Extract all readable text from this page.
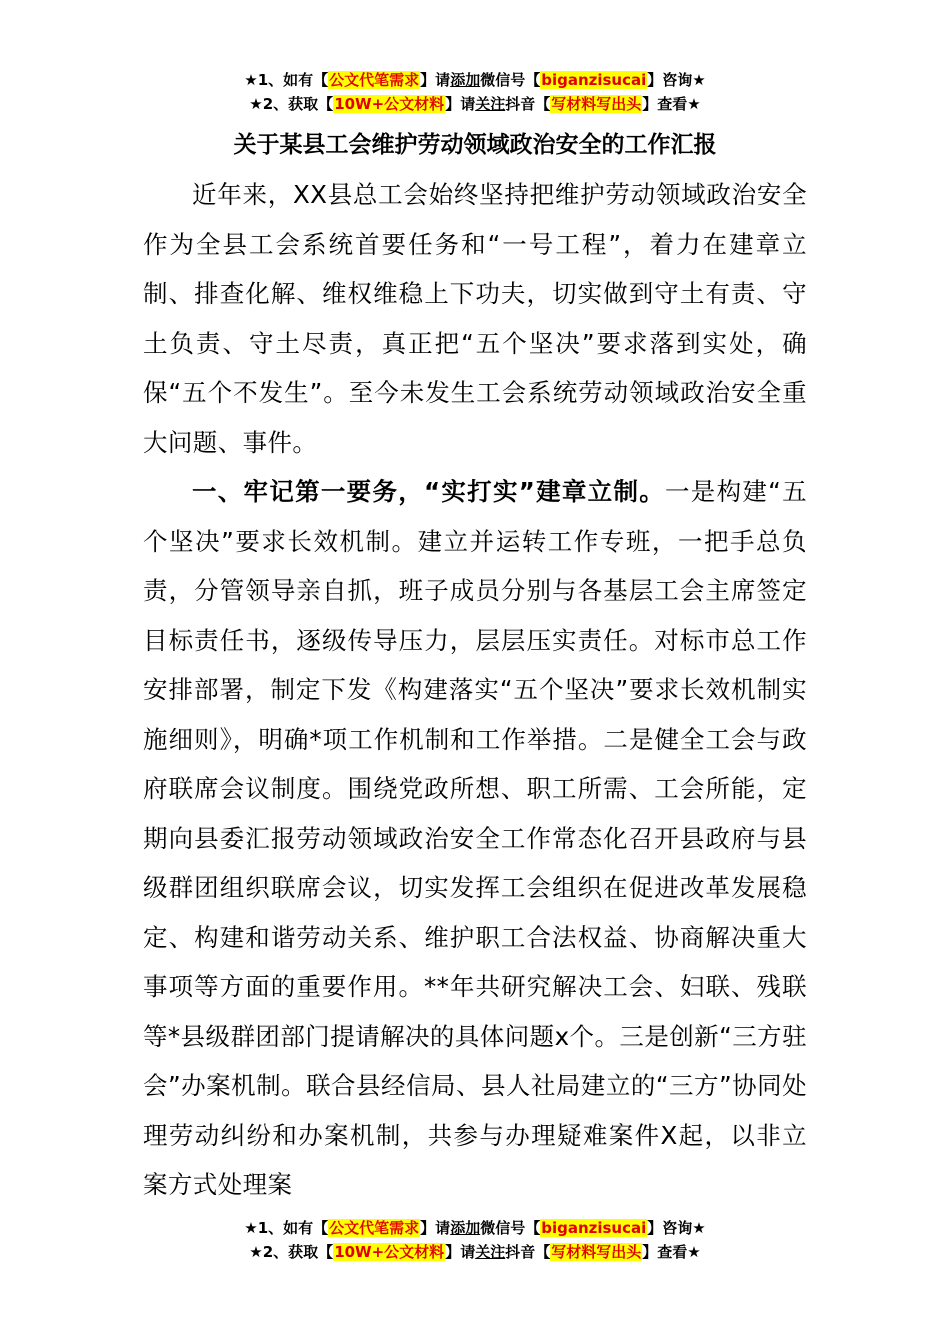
★1、如有【公文代笔需求】请添加微信号【biganzisucai】咨询★
★2、获取【10W+公文材料】请关注抖音【写材料写出头】查看★
关于某县工会维护劳动领域政治安全的工作汇报

近年来，XX县总工会始终坚持把维护劳动领域政治安全作为全县工会系统首要任务和“一号工程”，着力在建章立制、排查化解、维权维稳上下功夫，切实做到守土有责、守土负责、守土尽责，真正把“五个坚决”要求落到实处，确保“五个不发生”。至今未发生工会系统劳动领域政治安全重大问题、事件。

一、牢记第一要务，“实打实”建章立制。一是构建“五个坚决”要求长效机制。建立并运转工作专班，一把手总负责，分管领导亲自抓，班子成员分别与各基层工会主席签定目标责任书，逐级传导压力，层层压实责任。对标市总工作安排部署，制定下发《构建落实“五个坚决”要求长效机制实施细则》，明确*项工作机制和工作举措。二是健全工会与政府联席会议制度。围绕党政所想、职工所需、工会所能，定期向县委汇报劳动领域政治安全工作常态化召开县政府与县级群团组织联席会议，切实发挥工会组织在促进改革发展稳定、构建和谐劳动关系、维护职工合法权益、协商解决重大事项等方面的重要作用。**年共研究解决工会、妇联、残联等*县级群团部门提请解决的具体问题x个。三是创新“三方驻会”办案机制。联合县经信局、县人社局建立的“三方”协同处理劳动纠纷和办案机制，共参与办理疑难案件X起，以非立案方式处理案

★1、如有【公文代笔需求】请添加微信号【biganzisucai】咨询★
★2、获取【10W+公文材料】请关注抖音【写材料写出头】查看★
